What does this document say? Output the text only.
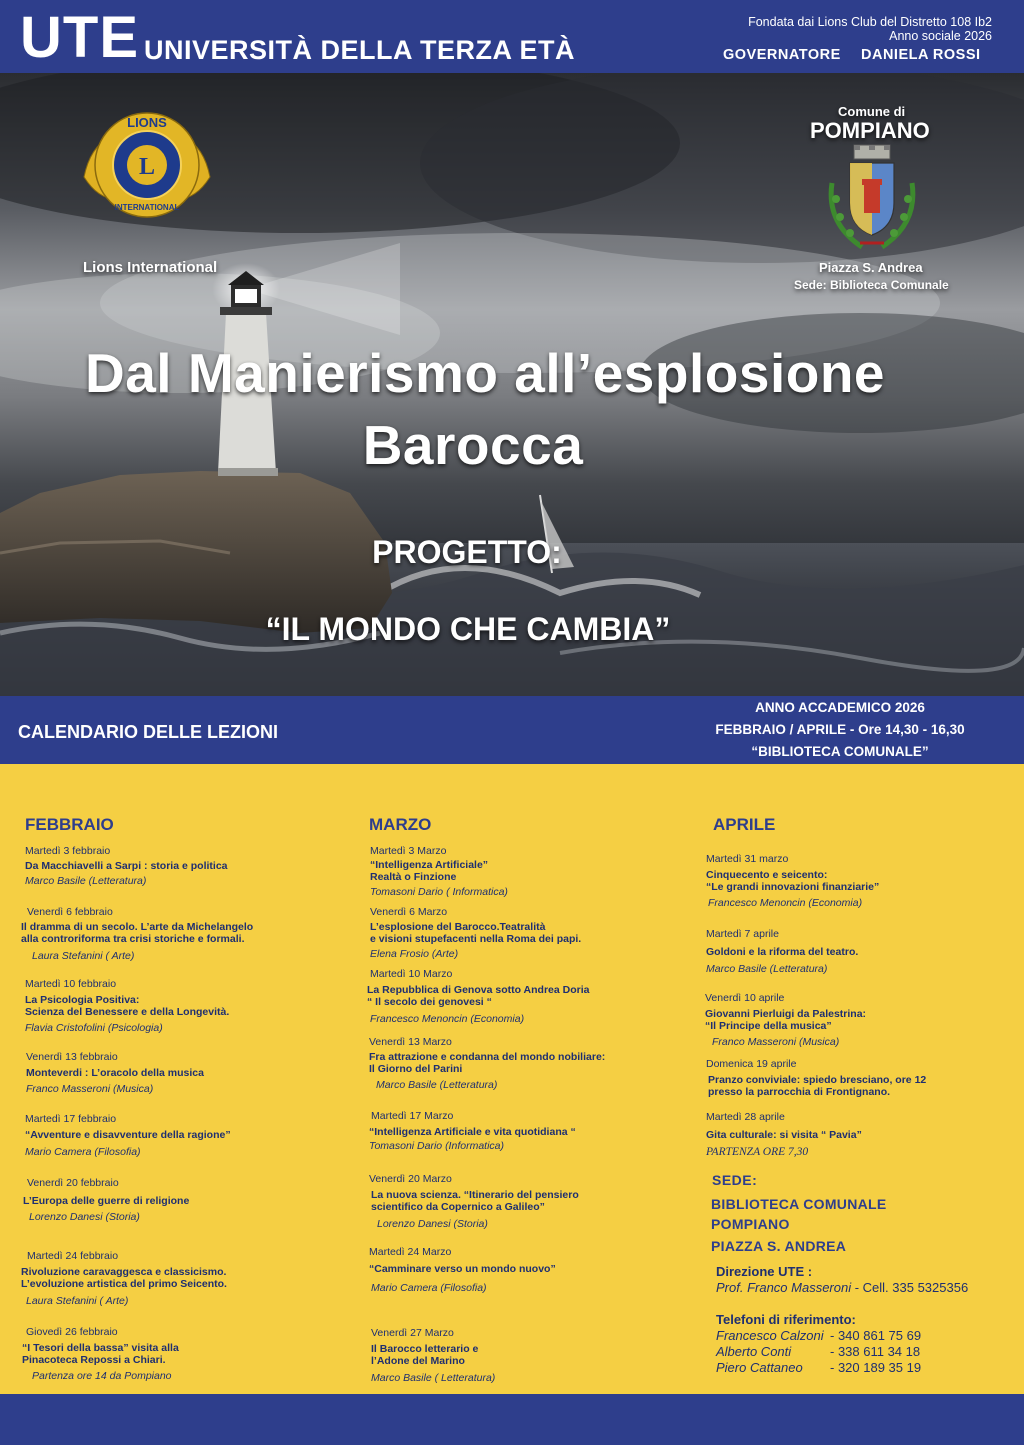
UTE UNIVERSITÀ DELLA TERZA ETÀ
Fondata dai Lions Club del Distretto 108 Ib2
Anno sociale 2026
GOVERNATORE DANIELA ROSSI
L
LIONS
INTERNATIONAL
Lions International
Comune di
POMPIANO
Piazza S. Andrea
Sede: Biblioteca Comunale
Dal Manierismo all’esplosione
Barocca
PROGETTO:
“IL MONDO CHE CAMBIA”
CALENDARIO DELLE LEZIONI
ANNO ACCADEMICO 2026
FEBBRAIO / APRILE - Ore 14,30 - 16,30
“BIBLIOTECA COMUNALE”
FEBBRAIO	MARZO	APRILE
Martedì 3 febbraio
Da Macchiavelli a Sarpi : storia e politica
Marco Basile (Letteratura)
Venerdì 6 febbraio
Il dramma di un secolo. L’arte da Michelangelo
alla controriforma tra crisi storiche e formali.
Laura Stefanini ( Arte)
Martedì 10 febbraio
La Psicologia Positiva:
Scienza del Benessere e della Longevità.
Flavia Cristofolini (Psicologia)
Venerdì 13 febbraio
Monteverdi : L’oracolo della musica
Franco Masseroni (Musica)
Martedì 17 febbraio
“Avventure e disavventure della ragione”
Mario Camera (Filosofia)
Venerdì 20 febbraio
L’Europa delle guerre di religione
Lorenzo Danesi (Storia)
Martedì 24 febbraio
Rivoluzione caravaggesca e classicismo.
L’evoluzione artistica del primo Seicento.
Laura Stefanini ( Arte)
Giovedì 26 febbraio
“I Tesori della bassa” visita alla
Pinacoteca Repossi a Chiari.
Partenza ore 14 da Pompiano
Martedì 3 Marzo
“Intelligenza Artificiale”
Realtà o Finzione
Tomasoni Dario ( Informatica)
Venerdì 6 Marzo
L’esplosione del Barocco.Teatralità
e visioni stupefacenti nella Roma dei papi.
Elena Frosio (Arte)
Martedì 10 Marzo
La Repubblica di Genova sotto Andrea Doria
“ Il secolo dei genovesi “
Francesco Menoncin (Economia)
Venerdì 13 Marzo
Fra attrazione e condanna del mondo nobiliare:
Il Giorno del Parini
Marco Basile (Letteratura)
Martedì 17 Marzo
“Intelligenza Artificiale e vita quotidiana “
Tomasoni Dario (Informatica)
Venerdì 20 Marzo
La nuova scienza. “Itinerario del pensiero
scientifico da Copernico a Galileo”
Lorenzo Danesi (Storia)
Martedì 24 Marzo
“Camminare verso un mondo nuovo”
Mario Camera (Filosofia)
Venerdì 27 Marzo
Il Barocco letterario e
l’Adone del Marino
Marco Basile ( Letteratura)
Martedì 31 marzo
Cinquecento e seicento:
“Le grandi innovazioni finanziarie”
Francesco Menoncin (Economia)
Martedì 7 aprile
Goldoni e la riforma del teatro.
Marco Basile (Letteratura)
Venerdì 10 aprile
Giovanni Pierluigi da Palestrina:
“Il Principe della musica”
Franco Masseroni (Musica)
Domenica 19 aprile
Pranzo conviviale: spiedo bresciano, ore 12
presso la parrocchia di Frontignano.
Martedì 28 aprile
Gita culturale: si visita “ Pavia”
PARTENZA ORE 7,30
SEDE:
BIBLIOTECA COMUNALE
POMPIANO
PIAZZA S. ANDREA
Direzione UTE :
Prof. Franco Masseroni - Cell. 335 5325356
Telefoni di riferimento:
Francesco Calzoni - 340 861 75 69
Alberto Conti	- 338 611 34 18
Piero Cattaneo - 320 189 35 19
